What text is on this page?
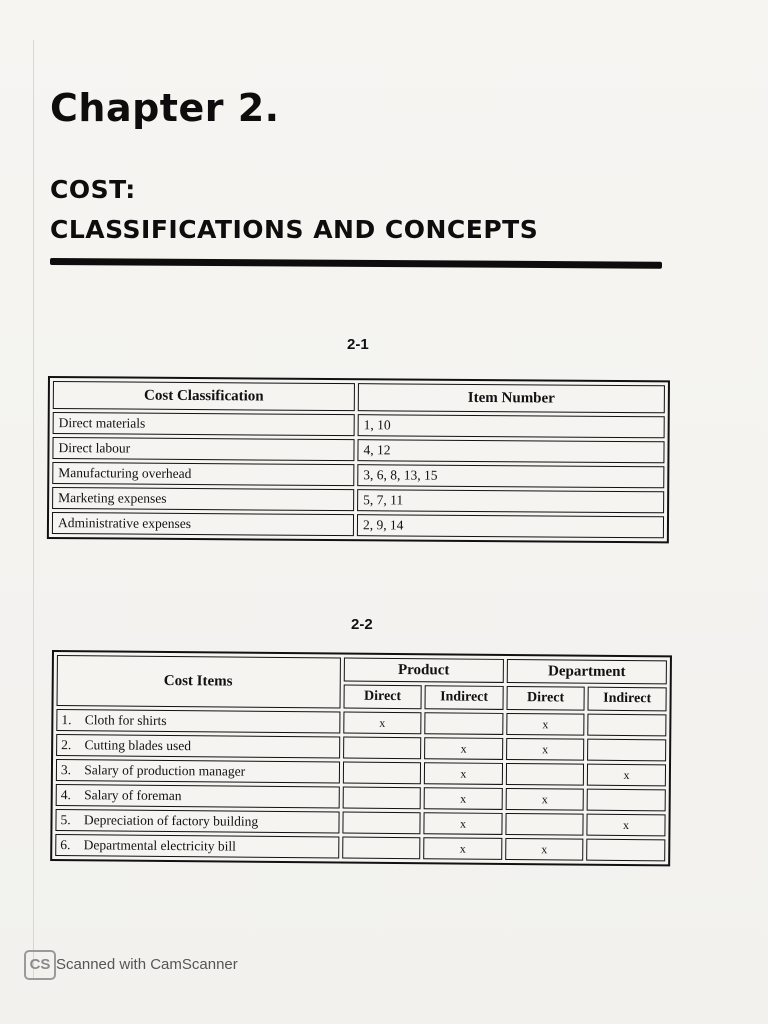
Chapter 2.
COST:
CLASSIFICATIONS AND CONCEPTS

2-1

Cost Classification	Item Number
Direct materials	1, 10
Direct labour	4, 12
Manufacturing overhead	3, 6, 8, 13, 15
Marketing expenses	5, 7, 11
Administrative expenses	2, 9, 14

2-2

Cost Items	Product		Department	
	Direct	Indirect	Direct	Indirect
1. Cloth for shirts	x		x	
2. Cutting blades used		x	x	
3. Salary of production manager		x		x
4. Salary of foreman		x	x	
5. Depreciation of factory building		x		x
6. Departmental electricity bill		x	x	
CS Scanned with CamScanner
